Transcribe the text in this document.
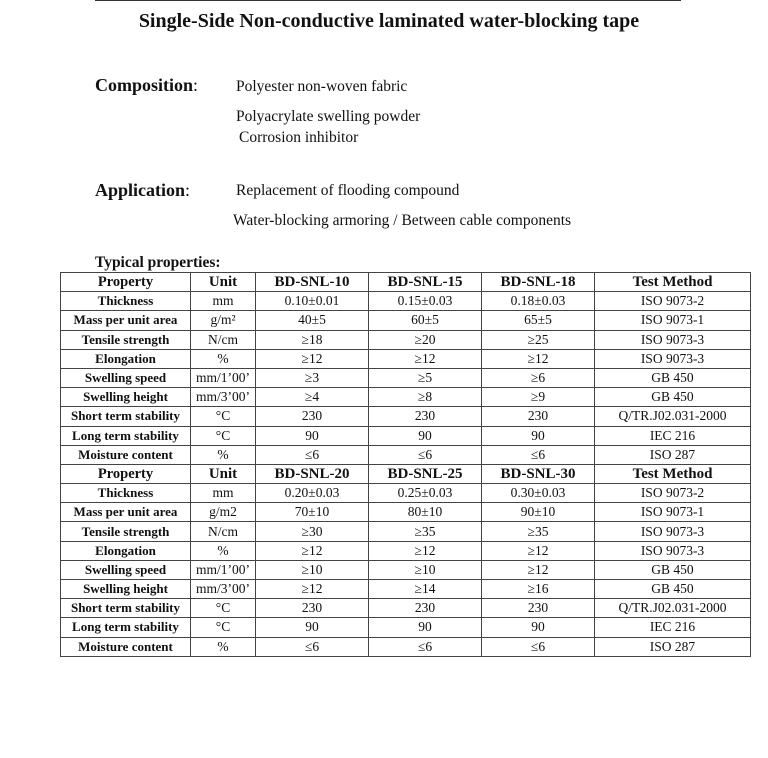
Single-Side Non-conductive laminated water-blocking tape
Composition: Polyester non-woven fabric
Polyacrylate swelling powder
Corrosion inhibitor
Application:	Replacement of flooding compound
Water-blocking armoring / Between cable components
Typical properties:
Property	Unit	BD-SNL-10	BD-SNL-15	BD-SNL-18	Test Method
Thickness	mm	0.10±0.01	0.15±0.03	0.18±0.03	ISO 9073-2
Mass per unit area	g/m²	40±5	60±5	65±5	ISO 9073-1
Tensile strength	N/cm	≥18	≥20	≥25	ISO 9073-3
Elongation	%	≥12	≥12	≥12	ISO 9073-3
Swelling speed	mm/1’00’	≥3	≥5	≥6	GB 450
Swelling height	mm/3’00’	≥4	≥8	≥9	GB 450
Short term stability	°C	230	230	230	Q/TR.J02.031-2000
Long term stability	°C	90	90	90	IEC 216
Moisture content	%	≤6	≤6	≤6	ISO 287
Property	Unit	BD-SNL-20	BD-SNL-25	BD-SNL-30	Test Method
Thickness	mm	0.20±0.03	0.25±0.03	0.30±0.03	ISO 9073-2
Mass per unit area	g/m2	70±10	80±10	90±10	ISO 9073-1
Tensile strength	N/cm	≥30	≥35	≥35	ISO 9073-3
Elongation	%	≥12	≥12	≥12	ISO 9073-3
Swelling speed	mm/1’00’	≥10	≥10	≥12	GB 450
Swelling height	mm/3’00’	≥12	≥14	≥16	GB 450
Short term stability	°C	230	230	230	Q/TR.J02.031-2000
Long term stability	°C	90	90	90	IEC 216
Moisture content	%	≤6	≤6	≤6	ISO 287
